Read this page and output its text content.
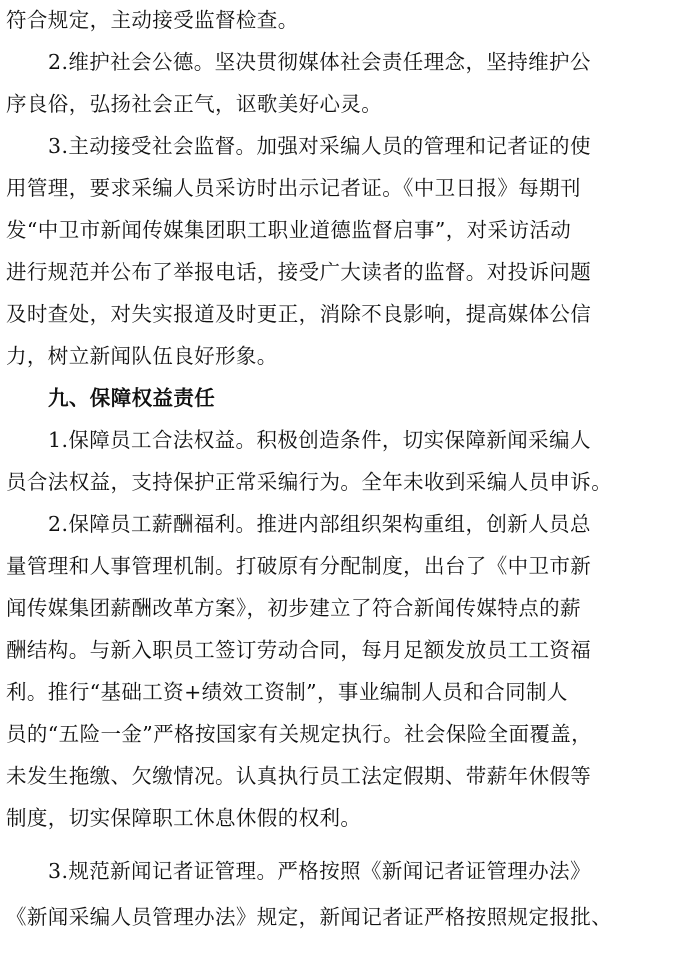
符合规定，主动接受监督检查。
2.维护社会公德。坚决贯彻媒体社会责任理念，坚持维护公
序良俗，弘扬社会正气，讴歌美好心灵。
3.主动接受社会监督。加强对采编人员的管理和记者证的使
用管理，要求采编人员采访时出示记者证。《中卫日报》每期刊
发“中卫市新闻传媒集团职工职业道德监督启事”，对采访活动
进行规范并公布了举报电话，接受广大读者的监督。对投诉问题
及时查处，对失实报道及时更正，消除不良影响，提高媒体公信
力，树立新闻队伍良好形象。
九、保障权益责任
1.保障员工合法权益。积极创造条件，切实保障新闻采编人
员合法权益，支持保护正常采编行为。全年未收到采编人员申诉。
2.保障员工薪酬福利。推进内部组织架构重组，创新人员总
量管理和人事管理机制。打破原有分配制度，出台了《中卫市新
闻传媒集团薪酬改革方案》，初步建立了符合新闻传媒特点的薪
酬结构。与新入职员工签订劳动合同，每月足额发放员工工资福
利。推行“基础工资+绩效工资制”，事业编制人员和合同制人
员的“五险一金”严格按国家有关规定执行。社会保险全面覆盖，
未发生拖缴、欠缴情况。认真执行员工法定假期、带薪年休假等
制度，切实保障职工休息休假的权利。
3.规范新闻记者证管理。严格按照《新闻记者证管理办法》
《新闻采编人员管理办法》规定，新闻记者证严格按照规定报批、
